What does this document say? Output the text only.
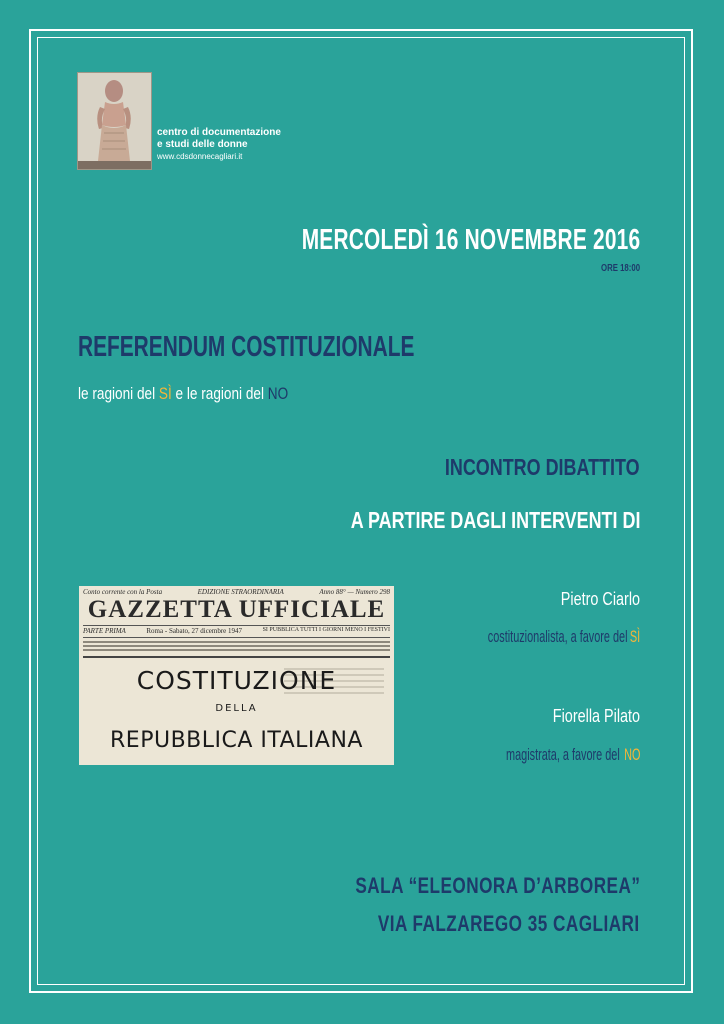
centro di documentazione
e studi delle donne
www.cdsdonnecagliari.it
MERCOLEDÌ 16 NOVEMBRE 2016
ORE 18:00
REFERENDUM COSTITUZIONALE
le ragioni del SÌ e le ragioni del NO
INCONTRO DIBATTITO
A PARTIRE DAGLI INTERVENTI DI
Conto corrente con la Posta	EDIZIONE STRAORDINARIA	Anno 88° — Numero 298
GAZZETTA UFFICIALE
PARTE PRIMA	Roma - Sabato, 27 dicembre 1947	SI PUBBLICA TUTTI I GIORNI MENO I FESTIVI
COSTITUZIONE
DELLA
REPUBBLICA ITALIANA
Pietro Ciarlo
costituzionalista, a favore delSÌ
Fiorella Pilato
magistrata, a favore delNO
SALA “ELEONORA D’ARBOREA”
VIA FALZAREGO 35 CAGLIARI
